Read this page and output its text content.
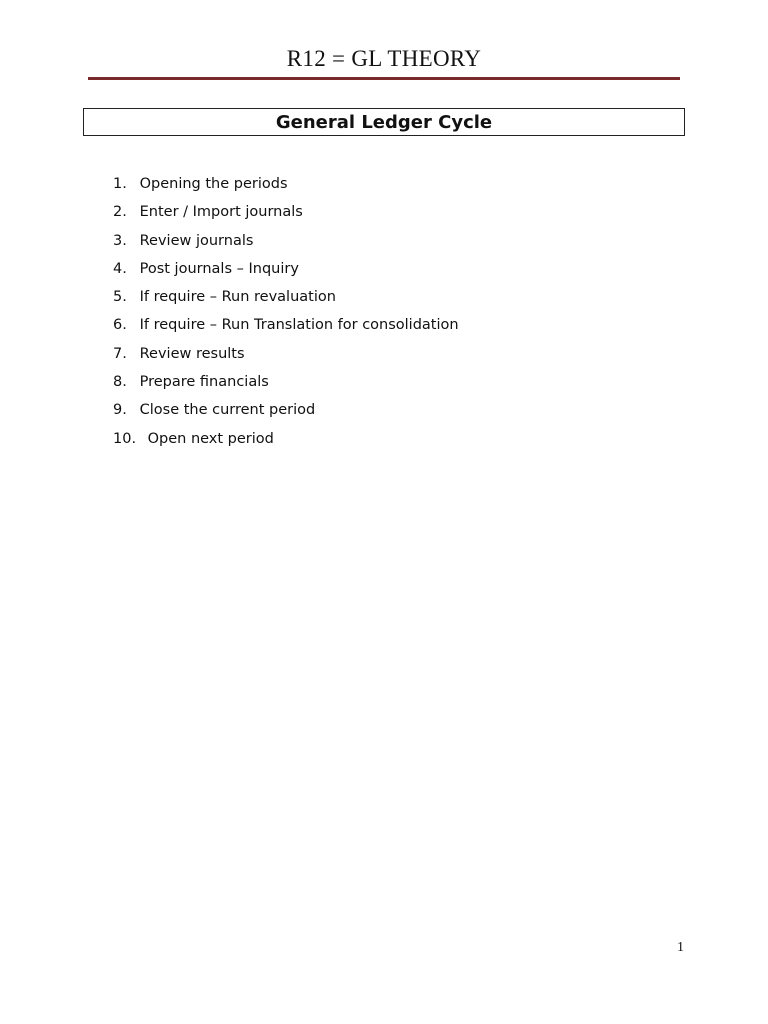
R12 = GL THEORY
General Ledger Cycle
1. Opening the periods
2. Enter / Import journals
3. Review journals
4. Post journals – Inquiry
5. If require – Run revaluation
6. If require – Run Translation for consolidation
7. Review results
8. Prepare financials
9. Close the current period
10. Open next period
1
